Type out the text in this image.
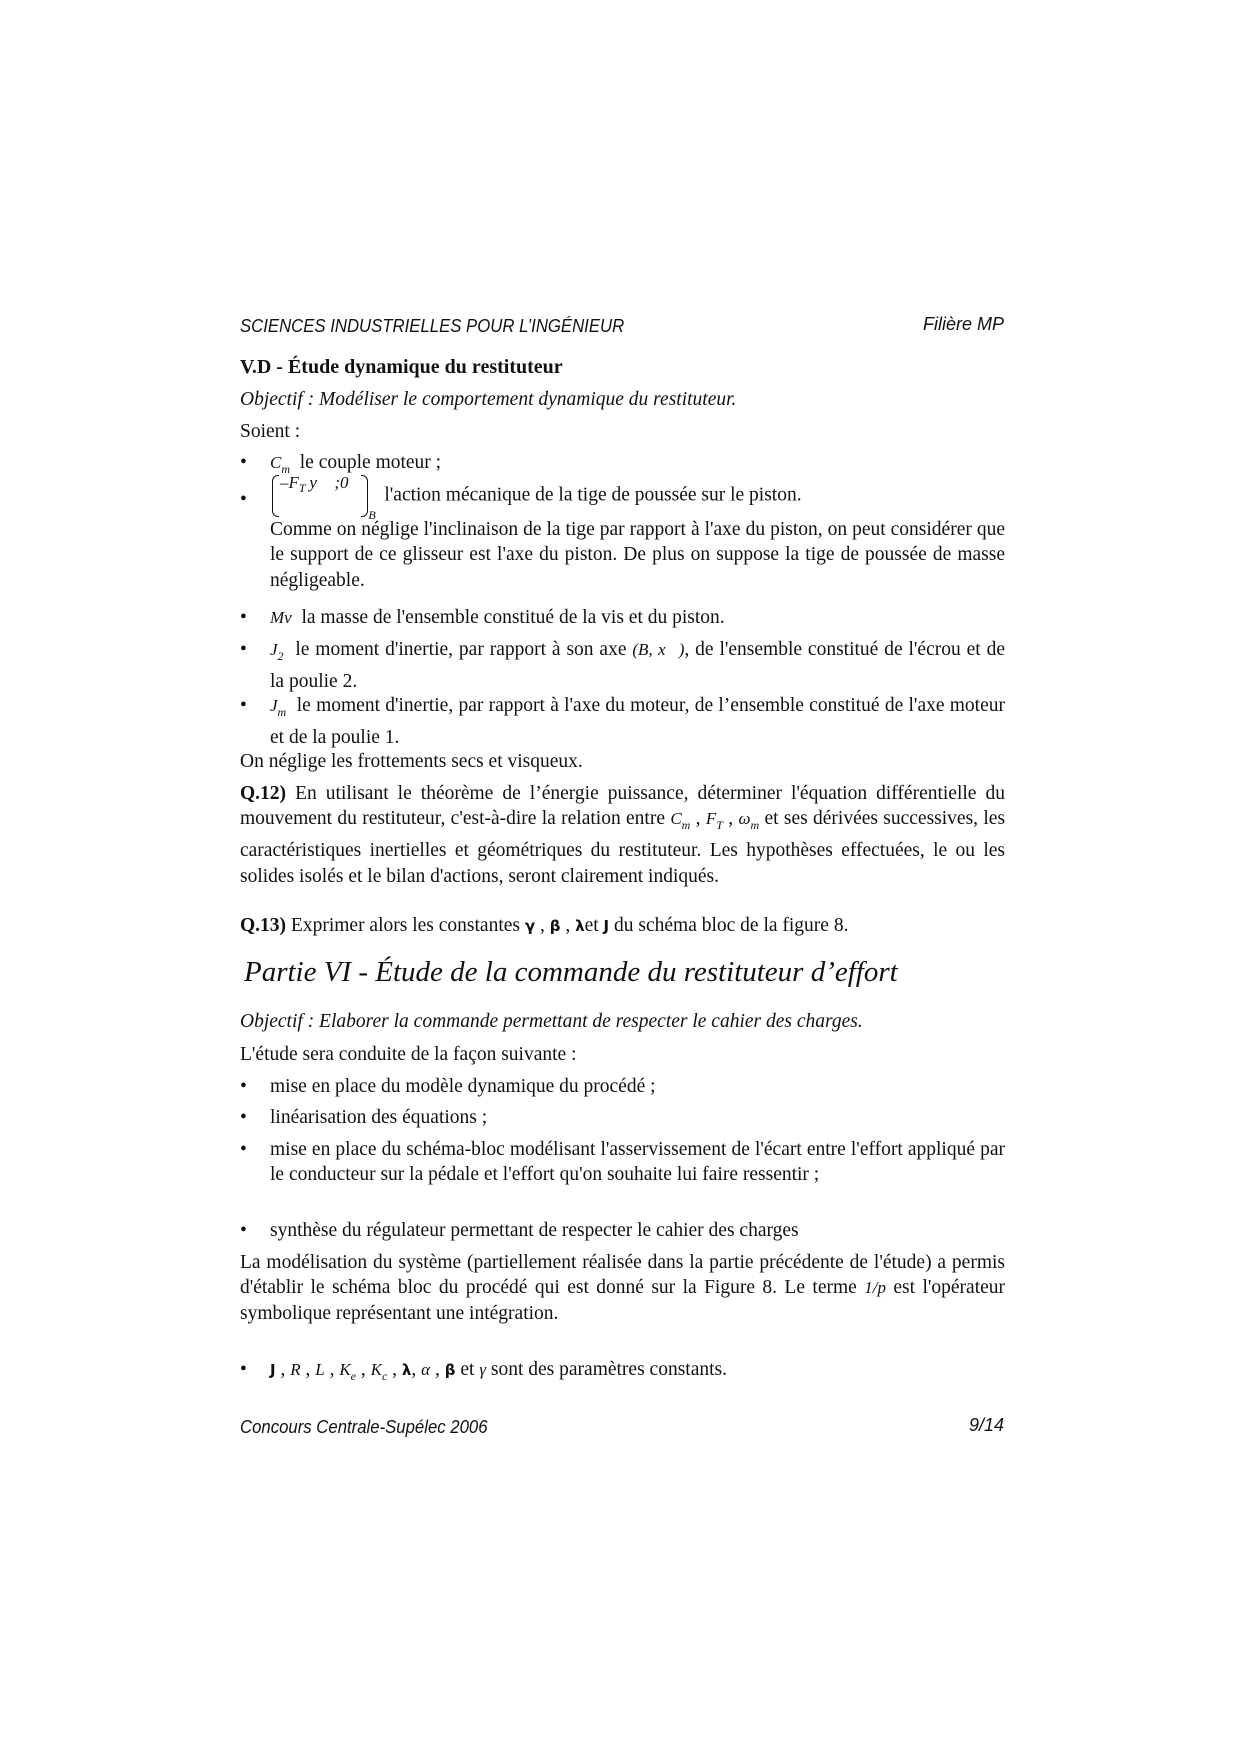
SCIENCES INDUSTRIELLES POUR L’INGÉNIEUR	Filière MP
V.D - Étude dynamique du restituteur
Objectif : Modéliser le comportement dynamique du restituteur.
Soient :
• $C_m$ le couple moteur ;
•
$-F_T$ y⃗ ;0⃗
B
l'action mécanique de la tige de poussée sur le piston.
Comme on néglige l'inclinaison de la tige par rapport à l'axe du piston, on peut considérer que le support de ce glisseur est l'axe du piston. De plus on suppose la tige de poussée de masse négligeable.
• Mv la masse de l'ensemble constitué de la vis et du piston.
• $J_2$ le moment d'inertie, par rapport à son axe (B, x⃗), de l'ensemble constitué de l'écrou et de la poulie 2.
• $J_m$ le moment d'inertie, par rapport à l'axe du moteur, de l’ensemble constitué de l'axe moteur et de la poulie 1.
On néglige les frottements secs et visqueux.
Q.12) En utilisant le théorème de l’énergie puissance, déterminer l'équation différentielle du mouvement du restituteur, c'est-à-dire la relation entre $C_m$ , $F_T$ , $\omega_m$ et ses dérivées successives, les caractéristiques inertielles et géométriques du restituteur. Les hypothèses effectuées, le ou les solides isolés et le bilan d'actions, seront clairement indiqués.
Q.13) Exprimer alors les constantes γ , β , λet J du schéma bloc de la figure 8.
Partie VI - Étude de la commande du restituteur d’effort
Objectif : Elaborer la commande permettant de respecter le cahier des charges.
L'étude sera conduite de la façon suivante :
• mise en place du modèle dynamique du procédé ;
• linéarisation des équations ;
• mise en place du schéma-bloc modélisant l'asservissement de l'écart entre l'effort appliqué par le conducteur sur la pédale et l'effort qu'on souhaite lui faire ressentir ;
• synthèse du régulateur permettant de respecter le cahier des charges
La modélisation du système (partiellement réalisée dans la partie précédente de l'étude) a permis d'établir le schéma bloc du procédé qui est donné sur la Figure 8. Le terme 1/p est l'opérateur symbolique représentant une intégration.
• J , R , L , $K_e$ , $K_c$ , λ, α , β et γ sont des paramètres constants.
Concours Centrale-Supélec 2006	9/14
